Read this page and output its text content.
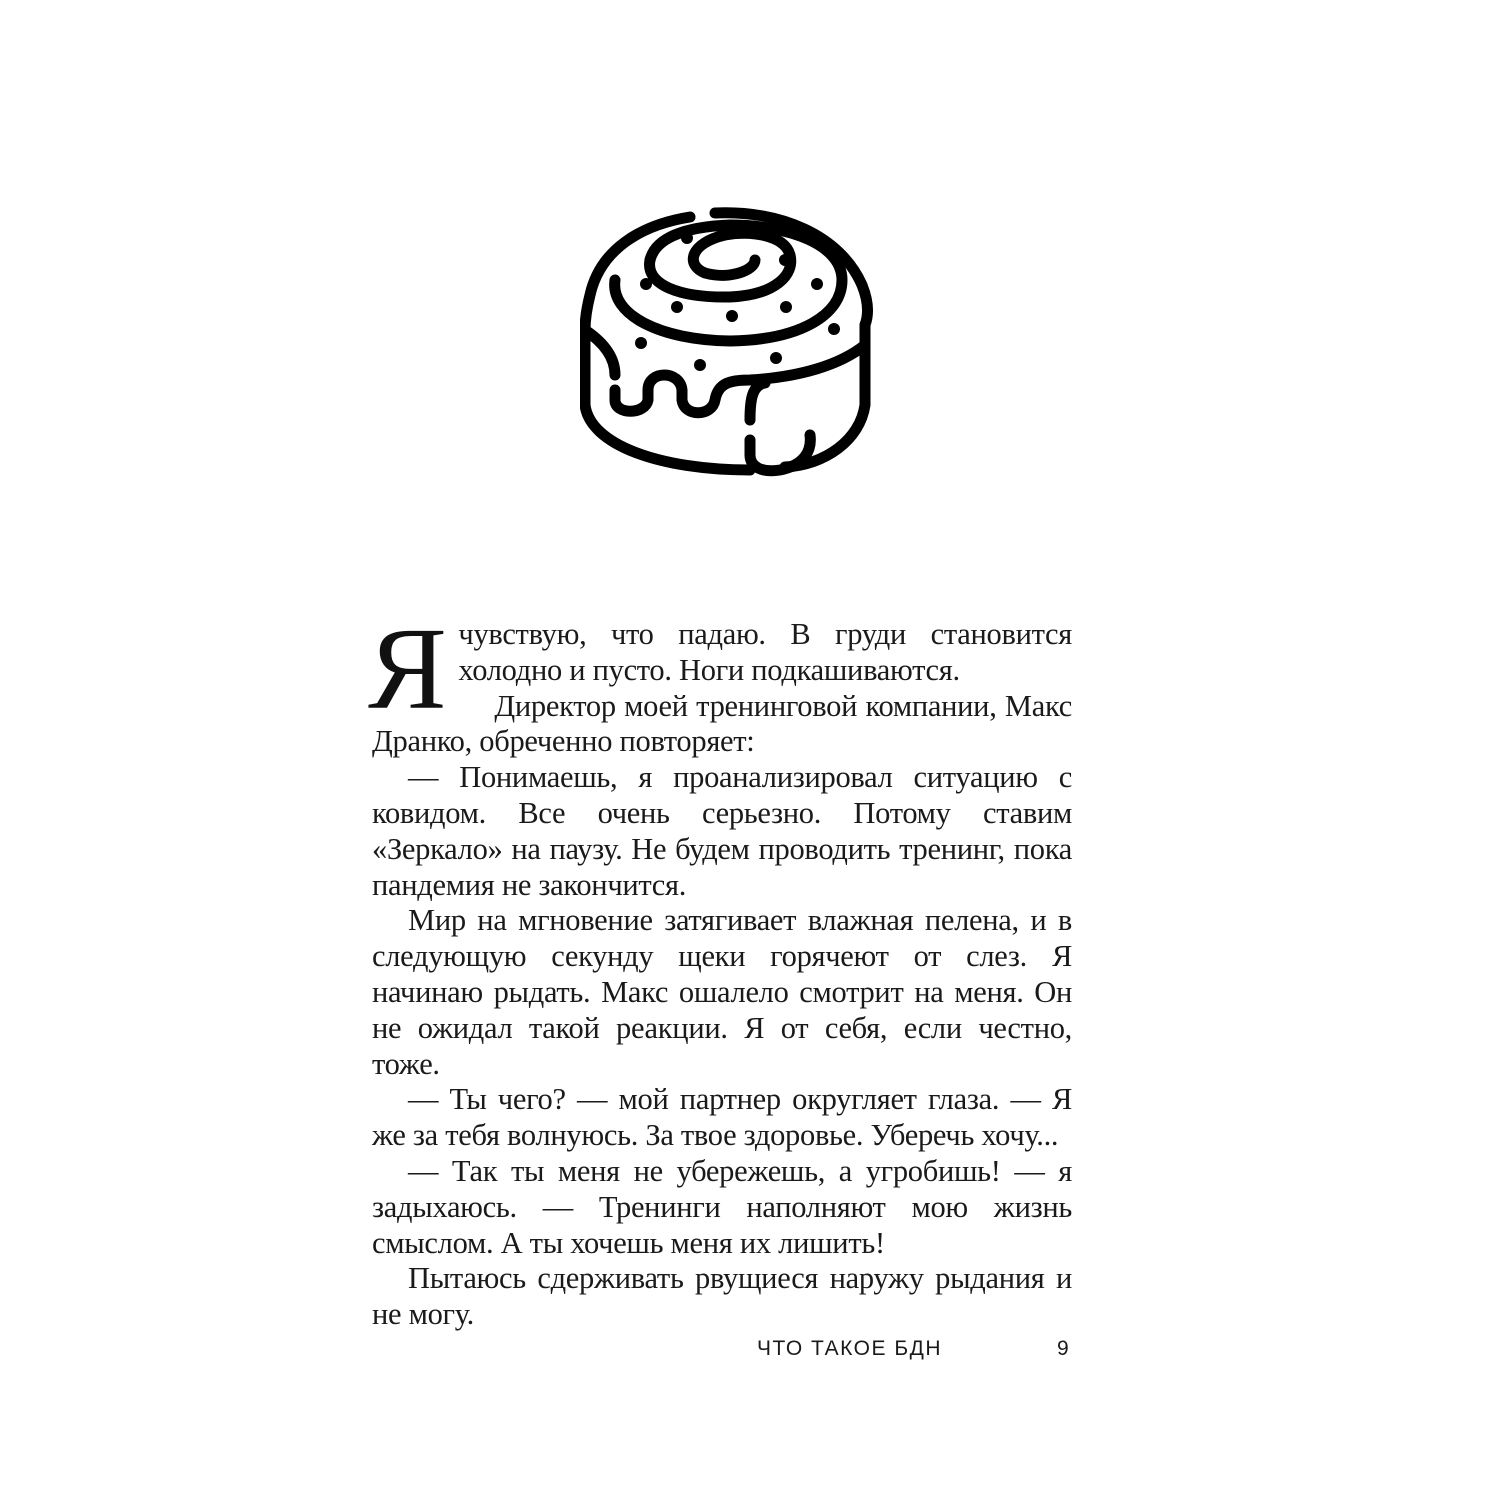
Ячувствую, что падаю. В груди становится холодно и пусто. Ноги подкашиваются.

Директор моей тренинговой компании, Макс Дранко, обреченно повторяет:

— Понимаешь, я проанализировал ситуацию с ковидом. Все очень серьезно. Потому ставим «Зеркало» на паузу. Не будем проводить тренинг, пока пандемия не закончится.

Мир на мгновение затягивает влажная пелена, и в следующую секунду щеки горячеют от слез. Я начинаю рыдать. Макс ошалело смотрит на меня. Он не ожидал такой реакции. Я от себя, если честно, тоже.

— Ты чего? — мой партнер округляет глаза. — Я же за тебя волнуюсь. За твое здоровье. Уберечь хочу...

— Так ты меня не убережешь, а угробишь! — я задыхаюсь. — Тренинги наполняют мою жизнь смыслом. А ты хочешь меня их лишить!

Пытаюсь сдерживать рвущиеся наружу рыдания и не могу.

ЧТО ТАКОЕ БДН	9
